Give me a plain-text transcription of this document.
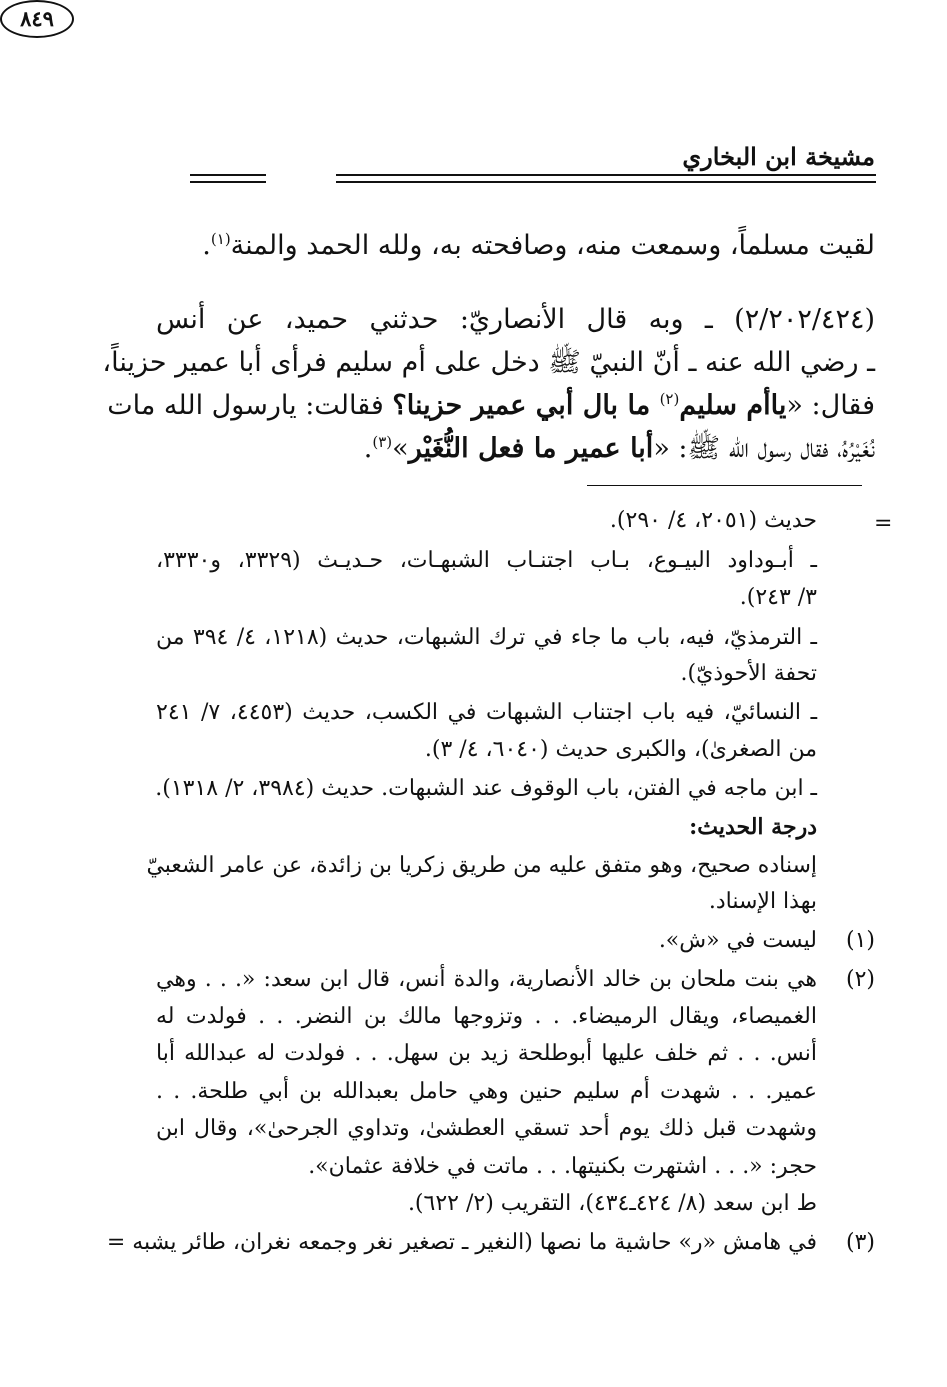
مشيخة ابن البخاري
٨٤٩
لقيت مسلماً، وسمعت منه، وصافحته به، ولله الحمد والمنة$^{(١)}$.
(٢/٢٠٢/٤٢٤) ـ وبه قال الأنصاريّ: حدثني حميد، عن أنس
ـ رضي الله عنه ـ أنّ النبيّ ﷺ دخل على أم سليم فرأى أبا عمير حزيناً،
فقال: «ياأم سليم$^{(٢)}$ ما بال أبي عمير حزينا؟ فقالت: يارسول الله مات
نُغَيْرُهُ، فقال رسول الله ﷺ: «أبا عمير ما فعل النُّغَيْر»$^{(٣)}$.
=
حديث (٢٠٥١، ٤/ ٢٩٠).
ـ أبـوداود البيـوع، بـاب اجتنـاب الشبهـات، حـديـث (٣٣٢٩، و٣٣٣٠،
٣/ ٢٤٣).
ـ الترمذيّ، فيه، باب ما جاء في ترك الشبهات، حديث (١٢١٨، ٤/ ٣٩٤ من
تحفة الأحوذيّ).
ـ النسائيّ، فيه باب اجتناب الشبهات في الكسب، حديث (٤٤٥٣، ٧/ ٢٤١
من الصغرىٰ)، والكبرى حديث (٦٠٤٠، ٤/ ٣).
ـ ابن ماجه في الفتن، باب الوقوف عند الشبهات. حديث (٣٩٨٤، ٢/ ١٣١٨).
درجة الحديث:
إسناده صحيح، وهو متفق عليه من طريق زكريا بن زائدة، عن عامر الشعبيّ
بهذا الإسناد.
(١)
ليست في «ش».
(٢)
هي بنت ملحان بن خالد الأنصارية، والدة أنس، قال ابن سعد: «. . . وهي
الغميصاء، ويقال الرميضاء. . . وتزوجها مالك بن النضر. . . فولدت له
أنس. . . ثم خلف عليها أبوطلحة زيد بن سهل. . . فولدت له عبدالله أبا
عمير. . . شهدت أم سليم حنين وهي حامل بعبدالله بن أبي طلحة. . .
وشهدت قبل ذلك يوم أحد تسقي العطشىٰ، وتداوي الجرحىٰ»، وقال ابن
حجر: «. . . اشتهرت بكنيتها. . . ماتت في خلافة عثمان».
ط ابن سعد (٨/ ٤٢٤ـ٤٣٤)، التقريب (٢/ ٦٢٢).
(٣)
في هامش «ر» حاشية ما نصها (النغير ـ تصغير نغر وجمعه نغران، طائر يشبه =
